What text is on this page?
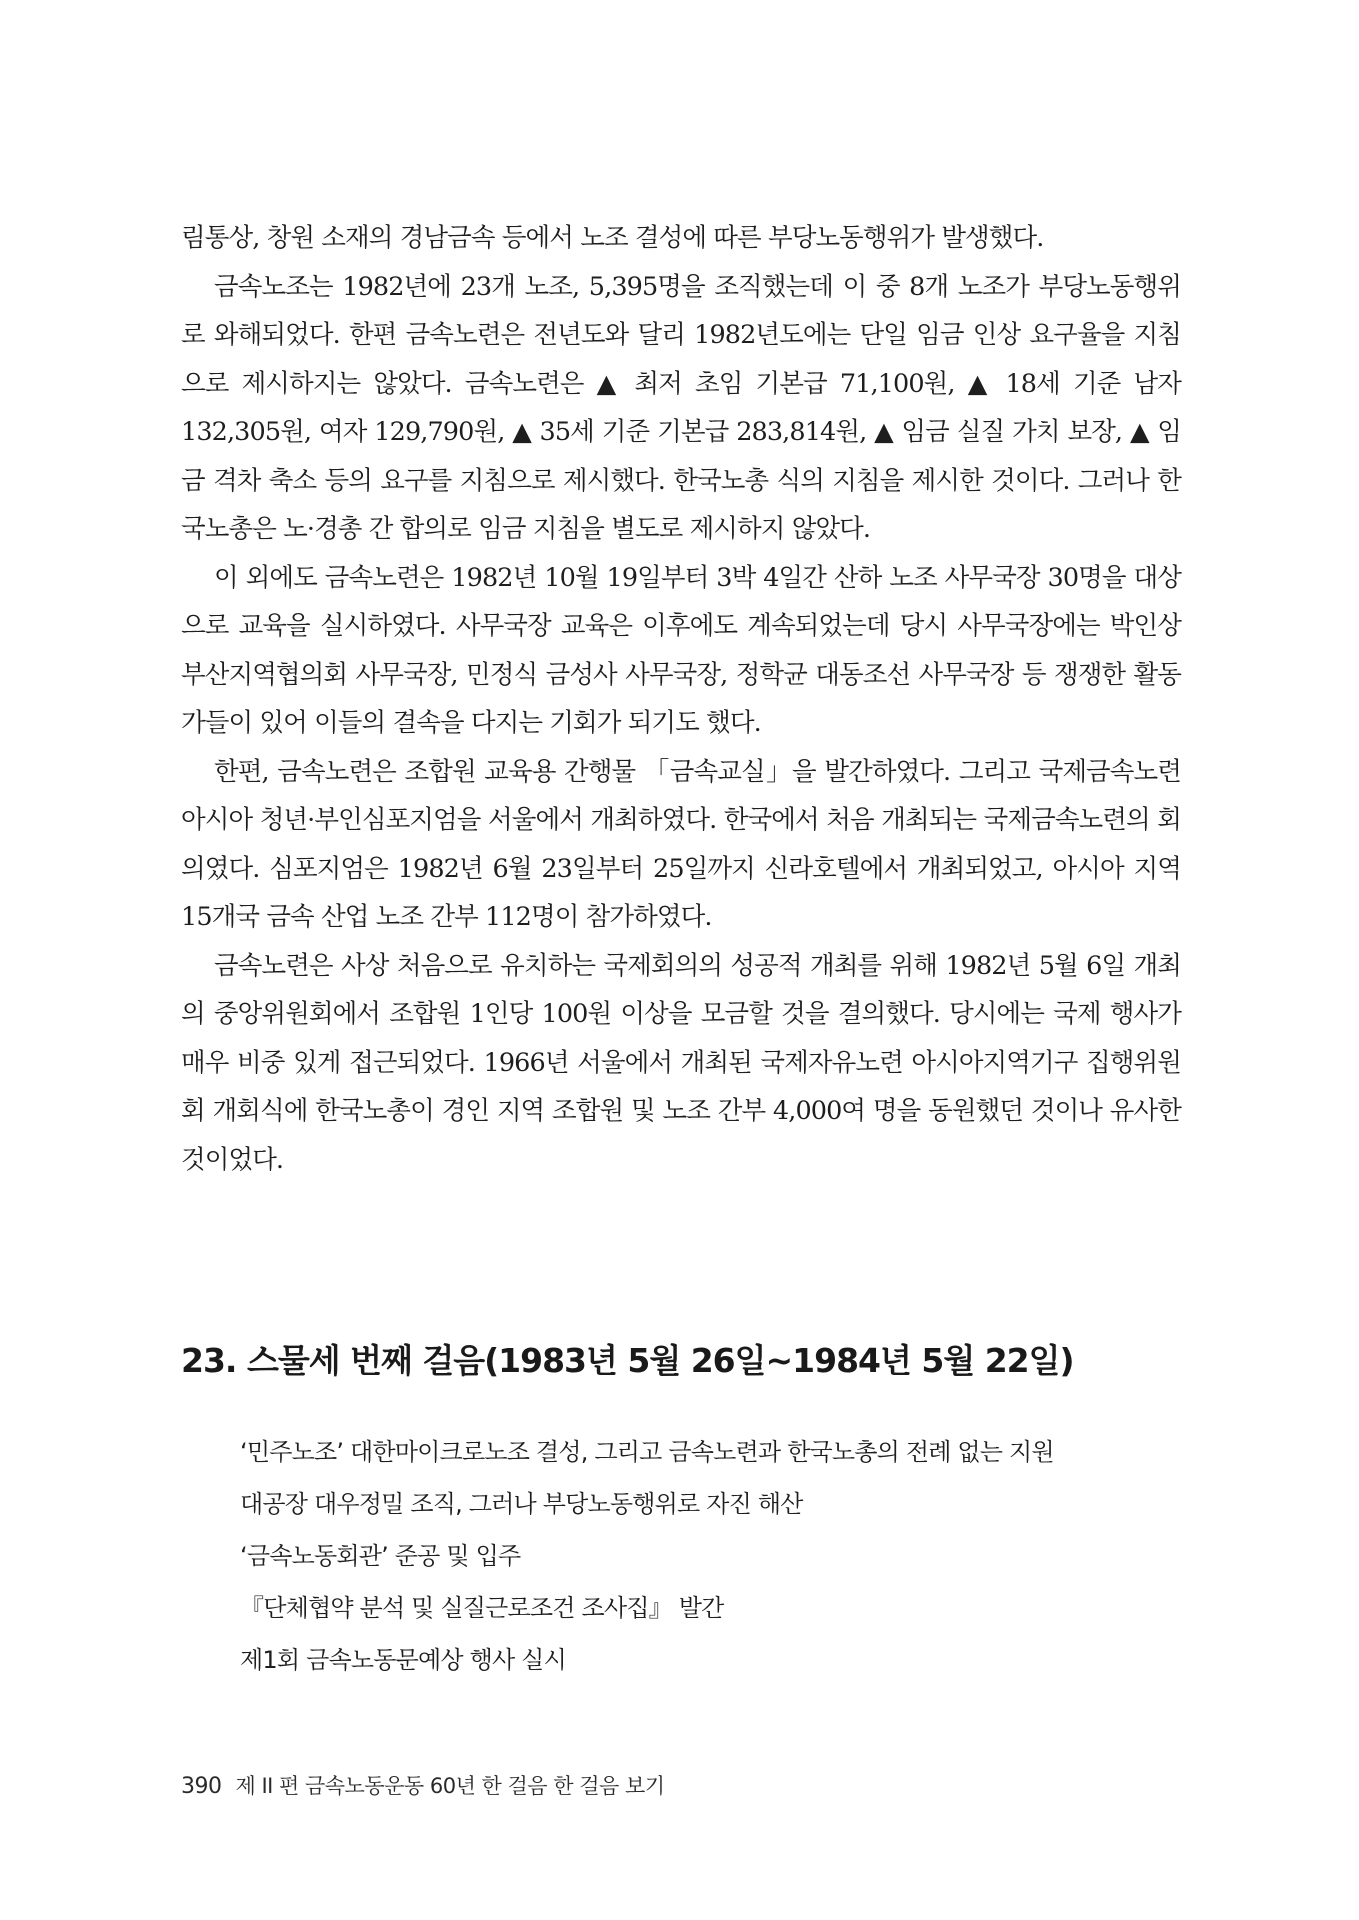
림통상, 창원 소재의 경남금속 등에서 노조 결성에 따른 부당노동행위가 발생했다.

금속노조는 1982년에 23개 노조, 5,395명을 조직했는데 이 중 8개 노조가 부당노동행위로 와해되었다. 한편 금속노련은 전년도와 달리 1982년도에는 단일 임금 인상 요구율을 지침으로 제시하지는 않았다. 금속노련은 ▲ 최저 초임 기본급 71,100원, ▲ 18세 기준 남자 132,305원, 여자 129,790원, ▲ 35세 기준 기본급 283,814원, ▲ 임금 실질 가치 보장, ▲ 임금 격차 축소 등의 요구를 지침으로 제시했다. 한국노총 식의 지침을 제시한 것이다. 그러나 한국노총은 노·경총 간 합의로 임금 지침을 별도로 제시하지 않았다.

이 외에도 금속노련은 1982년 10월 19일부터 3박 4일간 산하 노조 사무국장 30명을 대상으로 교육을 실시하였다. 사무국장 교육은 이후에도 계속되었는데 당시 사무국장에는 박인상 부산지역협의회 사무국장, 민정식 금성사 사무국장, 정학균 대동조선 사무국장 등 쟁쟁한 활동가들이 있어 이들의 결속을 다지는 기회가 되기도 했다.

한편, 금속노련은 조합원 교육용 간행물 「금속교실」을 발간하였다. 그리고 국제금속노련 아시아 청년·부인심포지엄을 서울에서 개최하였다. 한국에서 처음 개최되는 국제금속노련의 회의였다. 심포지엄은 1982년 6월 23일부터 25일까지 신라호텔에서 개최되었고, 아시아 지역 15개국 금속 산업 노조 간부 112명이 참가하였다.

금속노련은 사상 처음으로 유치하는 국제회의의 성공적 개최를 위해 1982년 5월 6일 개최의 중앙위원회에서 조합원 1인당 100원 이상을 모금할 것을 결의했다. 당시에는 국제 행사가 매우 비중 있게 접근되었다. 1966년 서울에서 개최된 국제자유노련 아시아지역기구 집행위원회 개회식에 한국노총이 경인 지역 조합원 및 노조 간부 4,000여 명을 동원했던 것이나 유사한 것이었다.

23. 스물세 번째 걸음(1983년 5월 26일~1984년 5월 22일)
‘민주노조’ 대한마이크로노조 결성, 그리고 금속노련과 한국노총의 전례 없는 지원
대공장 대우정밀 조직, 그러나 부당노동행위로 자진 해산
‘금속노동회관’ 준공 및 입주
『단체협약 분석 및 실질근로조건 조사집』 발간
제1회 금속노동문예상 행사 실시
390 제 II 편 금속노동운동 60년 한 걸음 한 걸음 보기
